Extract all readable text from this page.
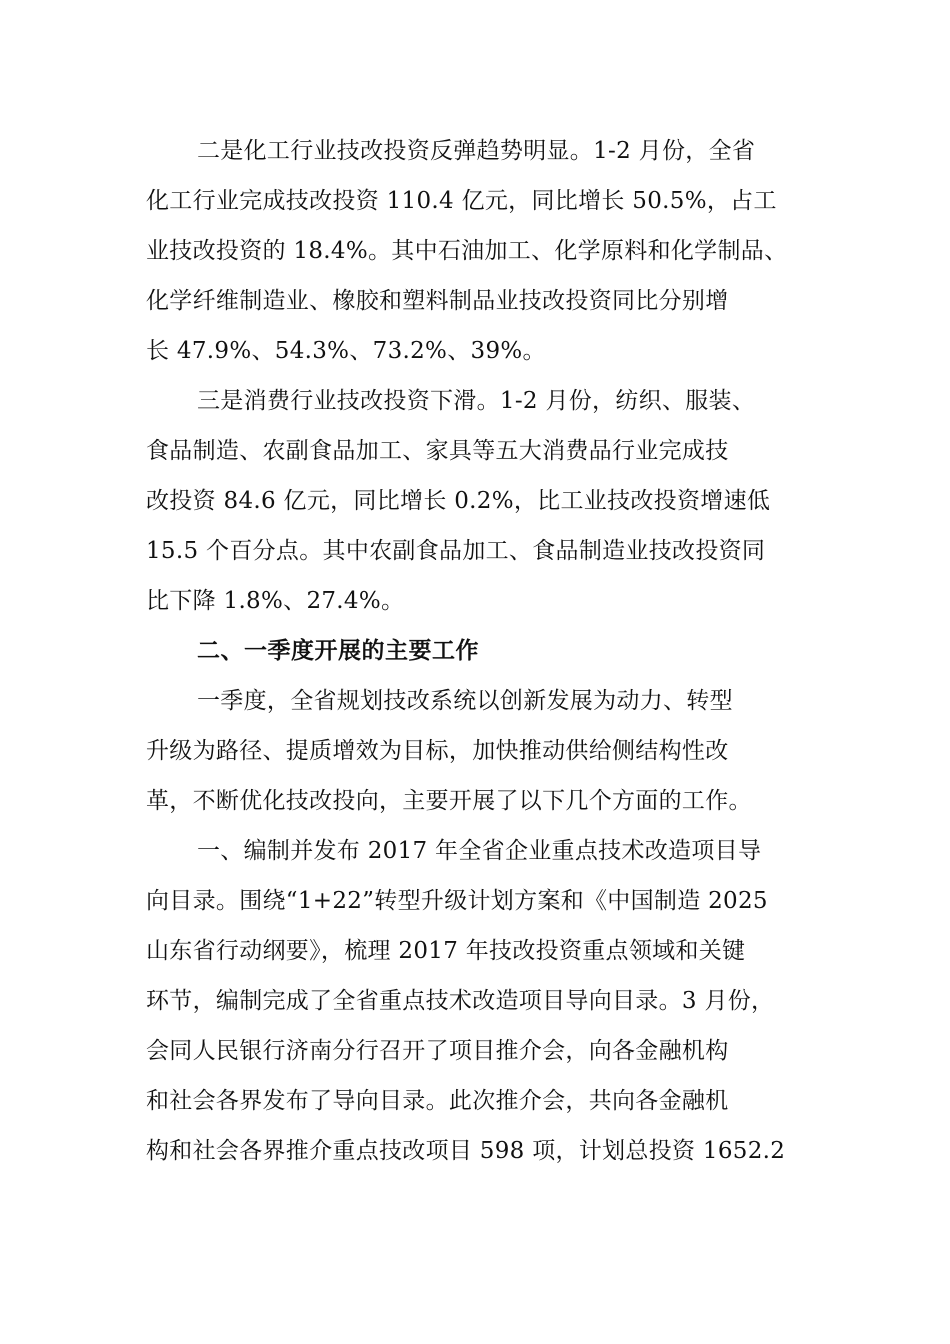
二是化工行业技改投资反弹趋势明显。1-2 月份，全省
化工行业完成技改投资 110.4 亿元，同比增长 50.5%，占工
业技改投资的 18.4%。其中石油加工、化学原料和化学制品、
化学纤维制造业、橡胶和塑料制品业技改投资同比分别增
长 47.9%、54.3%、73.2%、39%。
三是消费行业技改投资下滑。1-2 月份，纺织、服装、
食品制造、农副食品加工、家具等五大消费品行业完成技
改投资 84.6 亿元，同比增长 0.2%，比工业技改投资增速低
15.5 个百分点。其中农副食品加工、食品制造业技改投资同
比下降 1.8%、27.4%。
二、一季度开展的主要工作
一季度，全省规划技改系统以创新发展为动力、转型
升级为路径、提质增效为目标，加快推动供给侧结构性改
革，不断优化技改投向，主要开展了以下几个方面的工作。
一、编制并发布 2017 年全省企业重点技术改造项目导
向目录。围绕“1+22”转型升级计划方案和《中国制造 2025
山东省行动纲要》，梳理 2017 年技改投资重点领域和关键
环节，编制完成了全省重点技术改造项目导向目录。3 月份，
会同人民银行济南分行召开了项目推介会，向各金融机构
和社会各界发布了导向目录。此次推介会，共向各金融机
构和社会各界推介重点技改项目 598 项，计划总投资 1652.2
